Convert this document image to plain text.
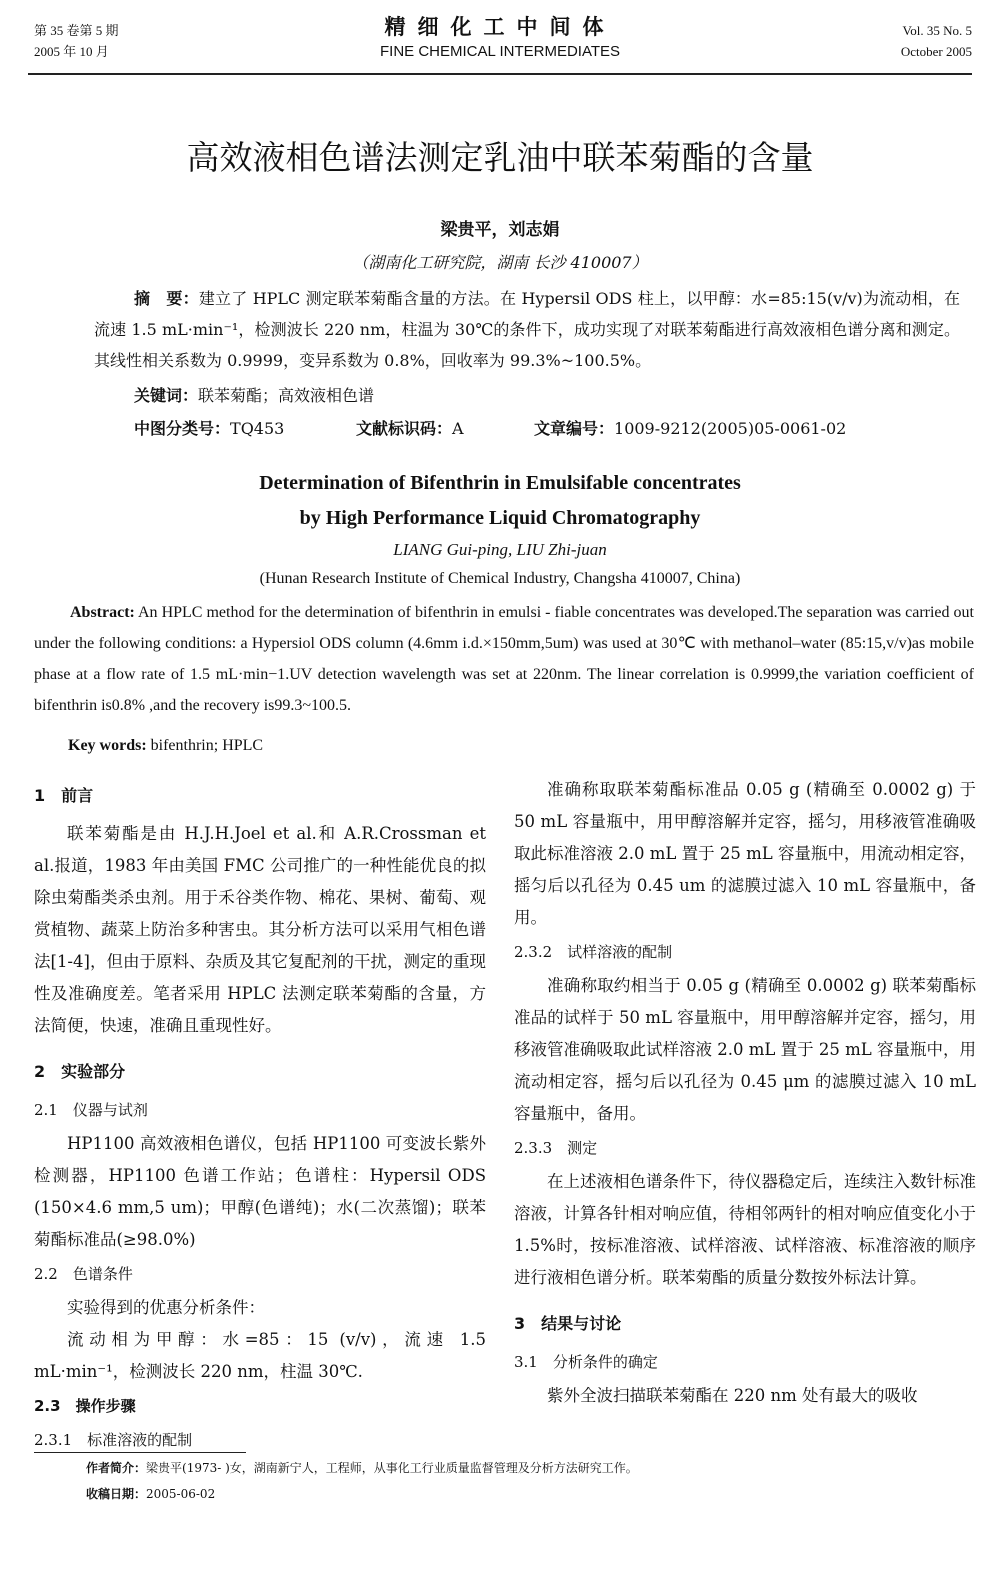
第 35 卷第 5 期
2005 年 10 月
精细化工中间体
FINE CHEMICAL INTERMEDIATES
Vol. 35 No. 5
October 2005
高效液相色谱法测定乳油中联苯菊酯的含量
梁贵平，刘志娟
（湖南化工研究院，湖南 长沙 410007）
摘　要：建立了 HPLC 测定联苯菊酯含量的方法。在 Hypersil ODS 柱上，以甲醇：水=85:15(v/v)为流动相，在流速 1.5 mL·min⁻¹，检测波长 220 nm，柱温为 30℃的条件下，成功实现了对联苯菊酯进行高效液相色谱分离和测定。其线性相关系数为 0.9999，变异系数为 0.8%，回收率为 99.3%~100.5%。
关键词：联苯菊酯；高效液相色谱
中图分类号：TQ453	文献标识码：A	文章编号：1009-9212(2005)05-0061-02
Determination of Bifenthrin in Emulsifable concentrates
by High Performance Liquid Chromatography
LIANG Gui-ping, LIU Zhi-juan
(Hunan Research Institute of Chemical Industry, Changsha 410007, China)
Abstract: An HPLC method for the determination of bifenthrin in emulsi - fiable concentrates was developed.The separation was carried out under the following conditions: a Hypersiol ODS column (4.6mm i.d.×150mm,5um) was used at 30℃ with methanol–water (85:15,v/v)as mobile phase at a flow rate of 1.5 mL·min−1.UV detection wavelength was set at 220nm. The linear correlation is 0.9999,the variation coefficient of bifenthrin is0.8% ,and the recovery is99.3~100.5.
Key words: bifenthrin; HPLC
1　前言

联苯菊酯是由 H.J.H.Joel et al.和 A.R.Crossman et al.报道，1983 年由美国 FMC 公司推广的一种性能优良的拟除虫菊酯类杀虫剂。用于禾谷类作物、棉花、果树、葡萄、观赏植物、蔬菜上防治多种害虫。其分析方法可以采用气相色谱法[1-4]，但由于原料、杂质及其它复配剂的干扰，测定的重现性及准确度差。笔者采用 HPLC 法测定联苯菊酯的含量，方法简便，快速，准确且重现性好。

2　实验部分
2.1　仪器与试剂

HP1100 高效液相色谱仪，包括 HP1100 可变波长紫外检测器，HP1100 色谱工作站；色谱柱：Hypersil ODS (150×4.6 mm,5 um)；甲醇(色谱纯)；水(二次蒸馏)；联苯菊酯标准品(≥98.0%)

2.2　色谱条件

实验得到的优惠分析条件：

流动相为甲醇：水=85：15 (v/v)，流速 1.5 mL·min⁻¹，检测波长 220 nm，柱温 30℃.

2.3　操作步骤
2.3.1　标准溶液的配制

准确称取联苯菊酯标准品 0.05 g (精确至 0.0002 g) 于 50 mL 容量瓶中，用甲醇溶解并定容，摇匀，用移液管准确吸取此标准溶液 2.0 mL 置于 25 mL 容量瓶中，用流动相定容，摇匀后以孔径为 0.45 um 的滤膜过滤入 10 mL 容量瓶中，备用。

2.3.2　试样溶液的配制

准确称取约相当于 0.05 g (精确至 0.0002 g) 联苯菊酯标准品的试样于 50 mL 容量瓶中，用甲醇溶解并定容，摇匀，用移液管准确吸取此试样溶液 2.0 mL 置于 25 mL 容量瓶中，用流动相定容，摇匀后以孔径为 0.45 μm 的滤膜过滤入 10 mL 容量瓶中，备用。

2.3.3　测定

在上述液相色谱条件下，待仪器稳定后，连续注入数针标准溶液，计算各针相对响应值，待相邻两针的相对响应值变化小于 1.5%时，按标准溶液、试样溶液、试样溶液、标准溶液的顺序进行液相色谱分析。联苯菊酯的质量分数按外标法计算。

3　结果与讨论
3.1　分析条件的确定

紫外全波扫描联苯菊酯在 220 nm 处有最大的吸收

作者简介：梁贵平(1973- )女，湖南新宁人，工程师，从事化工行业质量监督管理及分析方法研究工作。
收稿日期：2005-06-02
